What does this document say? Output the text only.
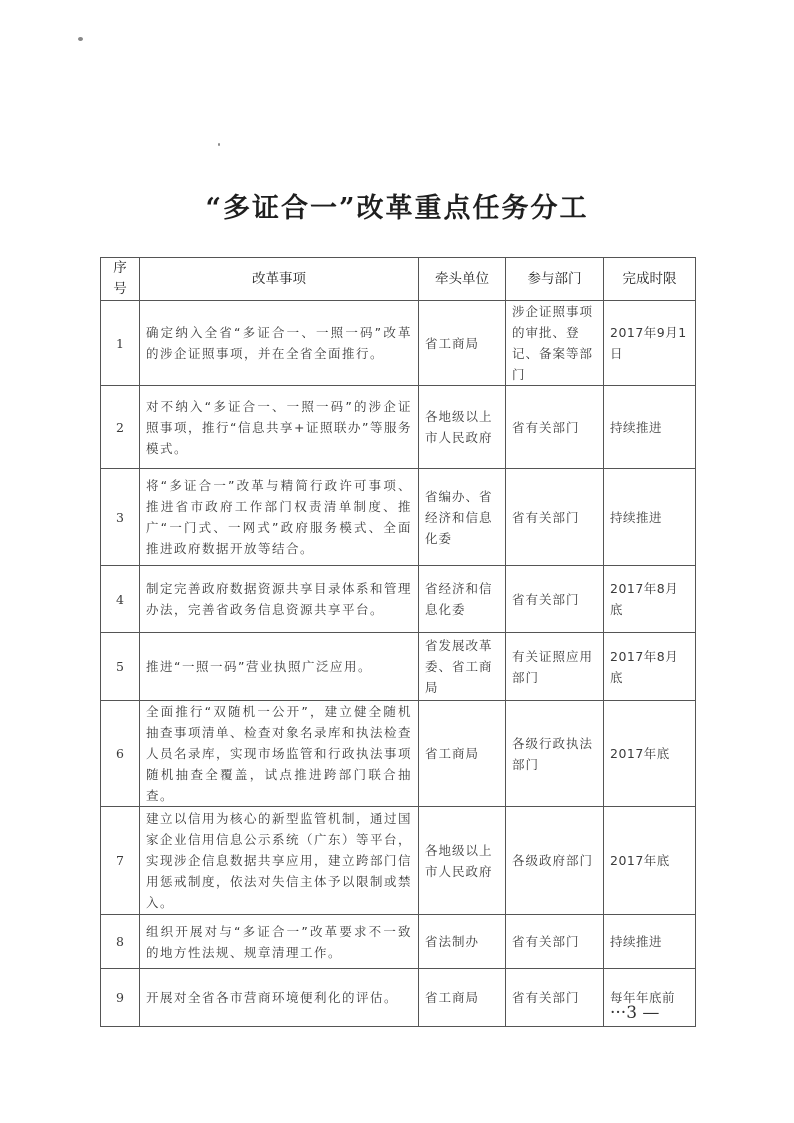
“多证合一”改革重点任务分工
序号	改革事项	牵头单位	参与部门	完成时限
1	确定纳入全省“多证合一、一照一码”改革的涉企证照事项，并在全省全面推行。	省工商局	涉企证照事项的审批、登记、备案等部门	2017年9月1日
2	对不纳入“多证合一、一照一码”的涉企证照事项，推行“信息共享+证照联办”等服务模式。	各地级以上市人民政府	省有关部门	持续推进
3	将“多证合一”改革与精简行政许可事项、推进省市政府工作部门权责清单制度、推广“一门式、一网式”政府服务模式、全面推进政府数据开放等结合。	省编办、省经济和信息化委	省有关部门	持续推进
4	制定完善政府数据资源共享目录体系和管理办法，完善省政务信息资源共享平台。	省经济和信息化委	省有关部门	2017年8月底
5	推进“一照一码”营业执照广泛应用。	省发展改革委、省工商局	有关证照应用部门	2017年8月底
6	全面推行“双随机一公开”，建立健全随机抽查事项清单、检查对象名录库和执法检查人员名录库，实现市场监管和行政执法事项随机抽查全覆盖，试点推进跨部门联合抽查。	省工商局	各级行政执法部门	2017年底
7	建立以信用为核心的新型监管机制，通过国家企业信用信息公示系统（广东）等平台，实现涉企信息数据共享应用，建立跨部门信用惩戒制度，依法对失信主体予以限制或禁入。	各地级以上市人民政府	各级政府部门	2017年底
8	组织开展对与“多证合一”改革要求不一致的地方性法规、规章清理工作。	省法制办	省有关部门	持续推进
9	开展对全省各市营商环境便利化的评估。	省工商局	省有关部门	每年年底前
···3 —
